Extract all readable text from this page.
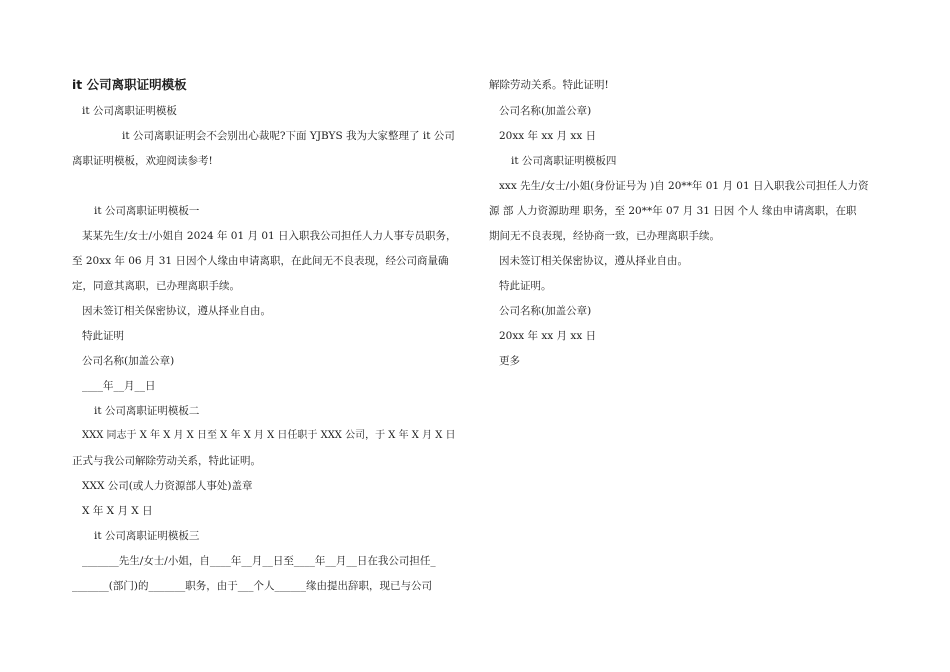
it 公司离职证明模板
it 公司离职证明模板
it 公司离职证明会不会别出心裁呢?下面 YJBYS 我为大家整理了 it 公司
离职证明模板，欢迎阅读参考!
it 公司离职证明模板一
某某先生/女士/小姐自 2024 年 01 月 01 日入职我公司担任人力人事专员职务，
至 20xx 年 06 月 31 日因个人缘由申请离职，在此间无不良表现，经公司商量确
定，同意其离职，已办理离职手续。
因未签订相关保密协议，遵从择业自由。
特此证明
公司名称(加盖公章)
____年__月__日
it 公司离职证明模板二
XXX 同志于 X 年 X 月 X 日至 X 年 X 月 X 日任职于 XXX 公司，于 X 年 X 月 X 日
正式与我公司解除劳动关系，特此证明。
XXX 公司(或人力资源部人事处)盖章
X 年 X 月 X 日
it 公司离职证明模板三
_______先生/女士/小姐，自____年__月__日至____年__月__日在我公司担任_
_______(部门)的_______职务，由于___个人______缘由提出辞职，现已与公司
解除劳动关系。特此证明!
公司名称(加盖公章)
20xx 年 xx 月 xx 日
it 公司离职证明模板四
xxx 先生/女士/小姐(身份证号为 )自 20**年 01 月 01 日入职我公司担任人力资
源 部 人力资源助理 职务，至 20**年 07 月 31 日因 个人 缘由申请离职，在职
期间无不良表现，经协商一致，已办理离职手续。
因未签订相关保密协议，遵从择业自由。
特此证明。
公司名称(加盖公章)
20xx 年 xx 月 xx 日
更多
